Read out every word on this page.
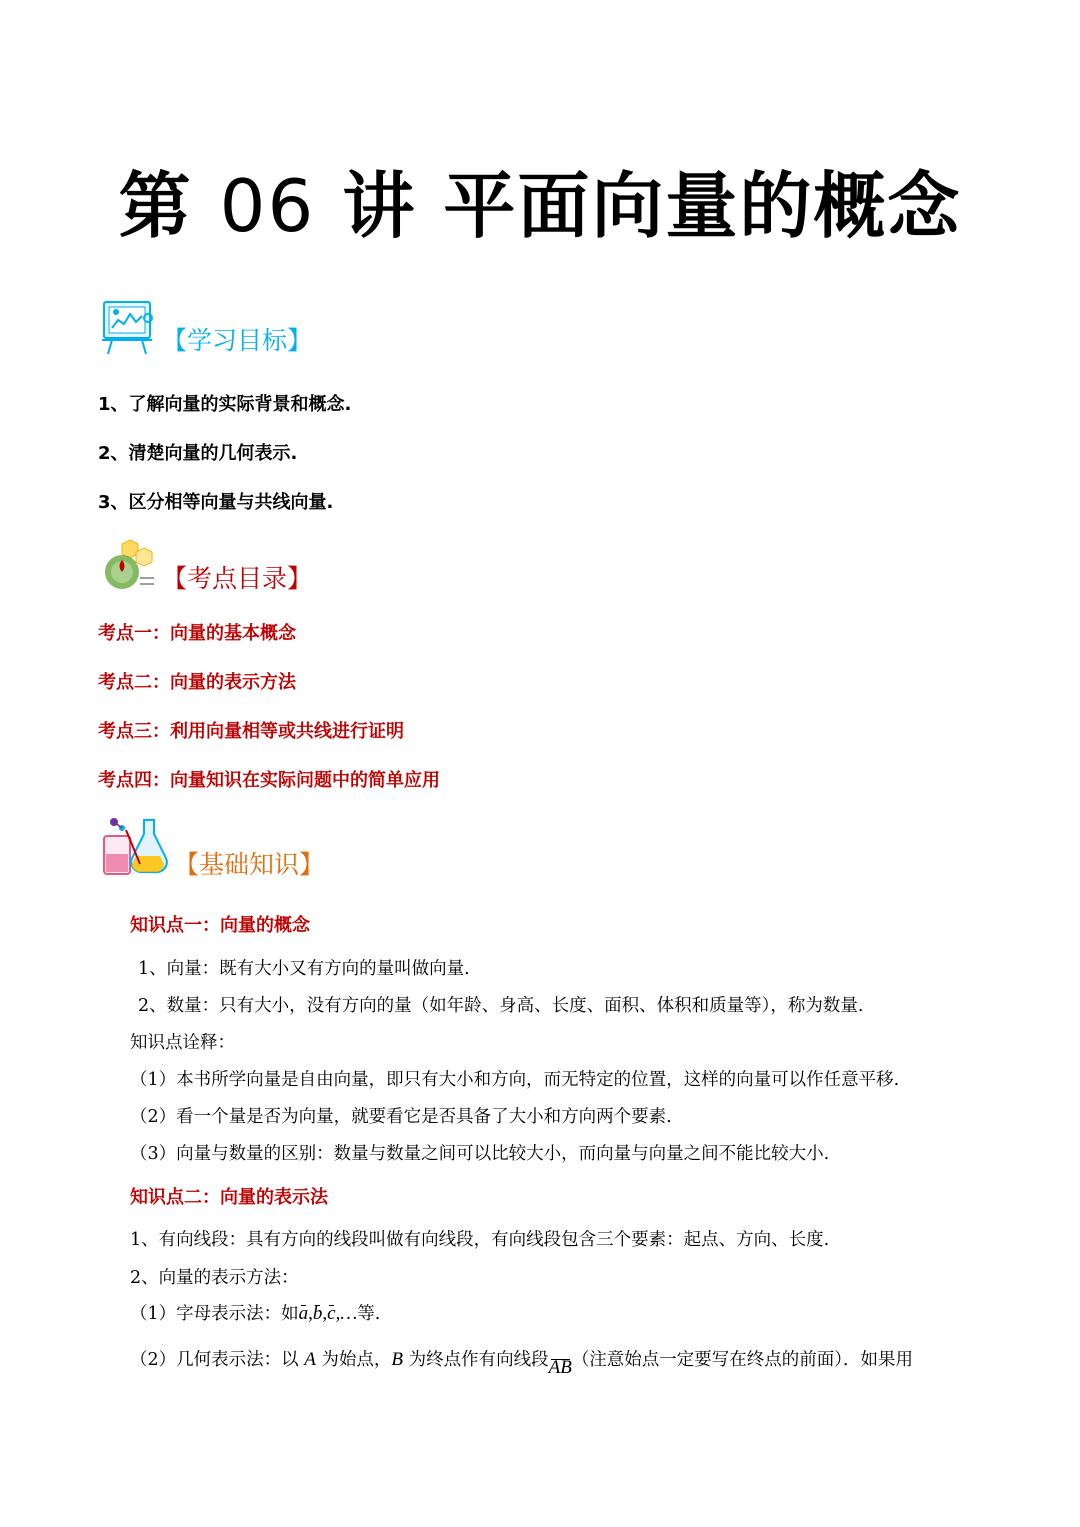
第 06 讲 平面向量的概念
【学习目标】
1、了解向量的实际背景和概念.
2、清楚向量的几何表示.
3、区分相等向量与共线向量.
【考点目录】
考点一：向量的基本概念
考点二：向量的表示方法
考点三：利用向量相等或共线进行证明
考点四：向量知识在实际问题中的简单应用
【基础知识】
知识点一：向量的概念
1、向量：既有大小又有方向的量叫做向量.
2、数量：只有大小，没有方向的量（如年龄、身高、长度、面积、体积和质量等），称为数量.
知识点诠释：
（1）本书所学向量是自由向量，即只有大小和方向，而无特定的位置，这样的向量可以作任意平移.
（2）看一个量是否为向量，就要看它是否具备了大小和方向两个要素.
（3）向量与数量的区别：数量与数量之间可以比较大小，而向量与向量之间不能比较大小.
知识点二：向量的表示法
1、有向线段：具有方向的线段叫做有向线段，有向线段包含三个要素：起点、方向、长度.
2、向量的表示方法：
（1）字母表示法：如a,b,c,…等.
（2）几何表示法：以 A 为始点，B 为终点作有向线段AB（注意始点一定要写在终点的前面）．如果用
